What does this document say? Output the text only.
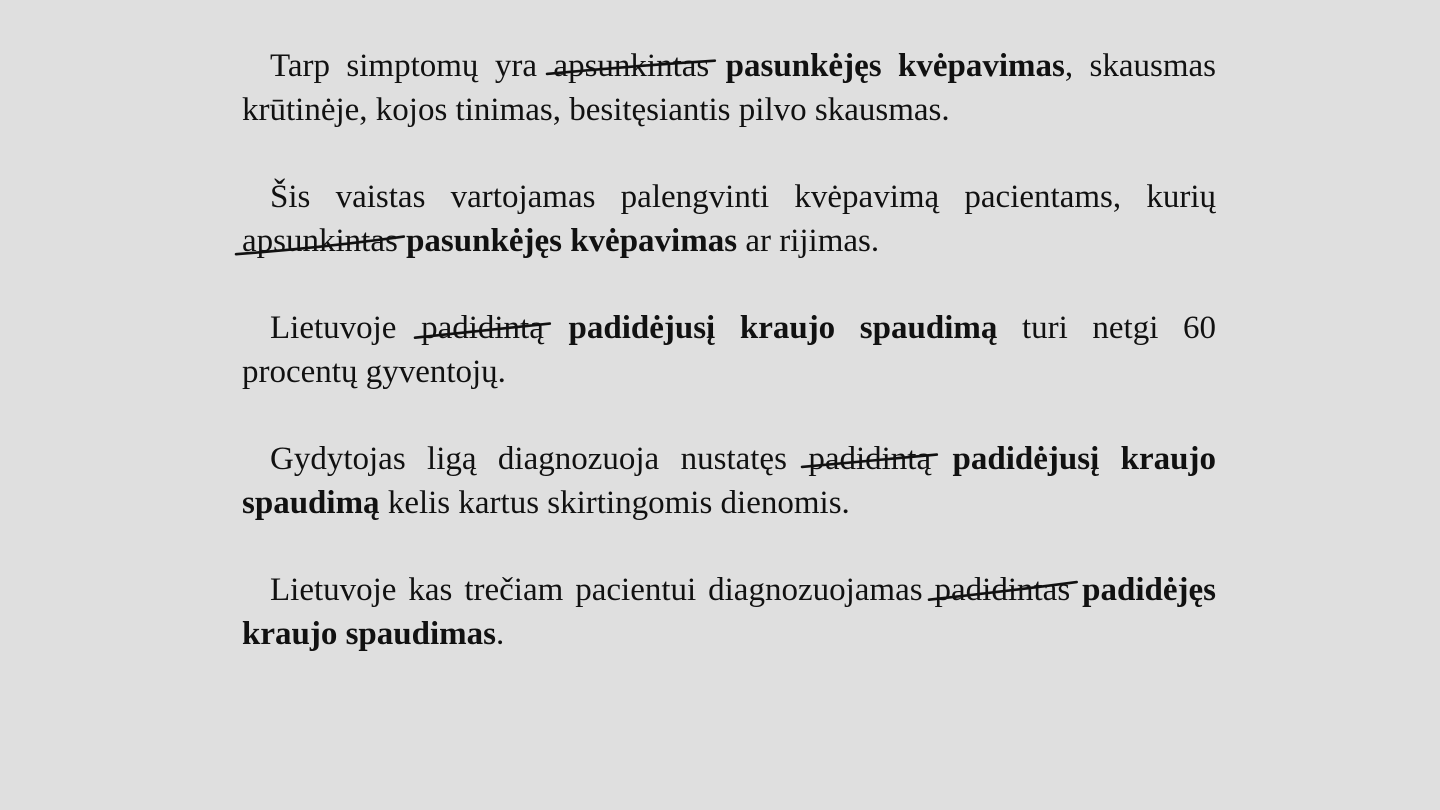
Tarp simptomų yra apsunkintas pasunkėjęs kvėpavimas, skausmas krūtinėje, kojos tinimas, besitęsiantis pilvo skausmas.

Šis vaistas vartojamas palengvinti kvėpavimą pacientams, kurių apsunkintas pasunkėjęs kvėpavimas ar rijimas.

Lietuvoje padidintą padidėjusį kraujo spaudimą turi netgi 60 procentų gyventojų.

Gydytojas ligą diagnozuoja nustatęs padidintą padidėjusį kraujo spaudimą kelis kartus skirtingomis dienomis.

Lietuvoje kas trečiam pacientui diagnozuojamas padidintas padidėjęs kraujo spaudimas.
